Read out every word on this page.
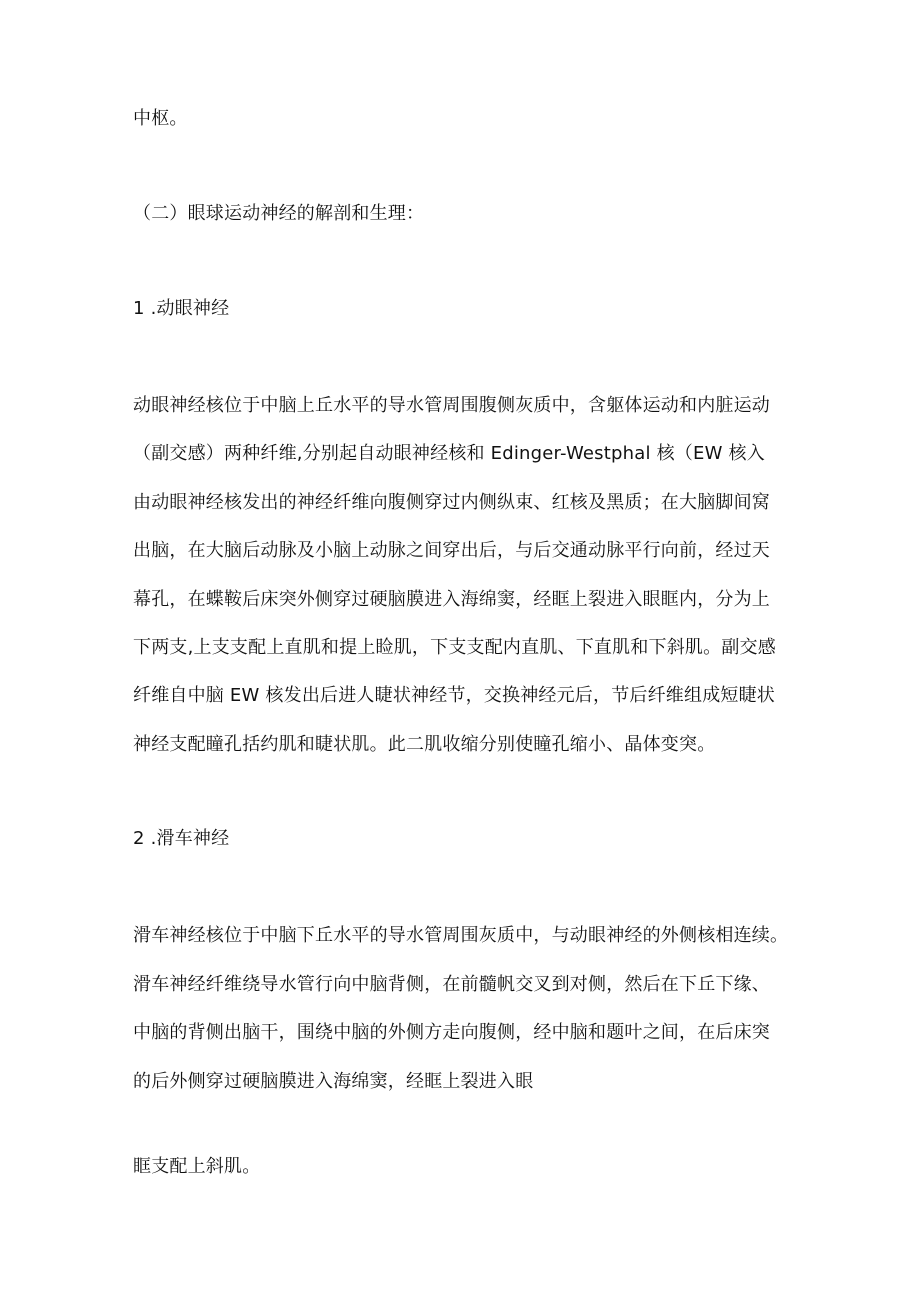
中枢。

（二）眼球运动神经的解剖和生理：

1 .动眼神经

动眼神经核位于中脑上丘水平的导水管周围腹侧灰质中，含躯体运动和内脏运动

（副交感）两种纤维,分别起自动眼神经核和 Edinger-Westphal 核（EW 核入

由动眼神经核发出的神经纤维向腹侧穿过内侧纵束、红核及黑质；在大脑脚间窝

出脑，在大脑后动脉及小脑上动脉之间穿出后，与后交通动脉平行向前，经过天

幕孔，在蝶鞍后床突外侧穿过硬脑膜进入海绵窦，经眶上裂进入眼眶内，分为上

下两支,上支支配上直肌和提上睑肌，下支支配内直肌、下直肌和下斜肌。副交感

纤维自中脑 EW 核发出后进人睫状神经节，交换神经元后，节后纤维组成短睫状

神经支配瞳孔括约肌和睫状肌。此二肌收缩分别使瞳孔缩小、晶体变突。

2 .滑车神经

滑车神经核位于中脑下丘水平的导水管周围灰质中，与动眼神经的外侧核相连续。

滑车神经纤维绕导水管行向中脑背侧，在前髓帆交叉到对侧，然后在下丘下缘、

中脑的背侧出脑干，围绕中脑的外侧方走向腹侧，经中脑和题叶之间，在后床突

的后外侧穿过硬脑膜进入海绵窦，经眶上裂进入眼

眶支配上斜肌。
